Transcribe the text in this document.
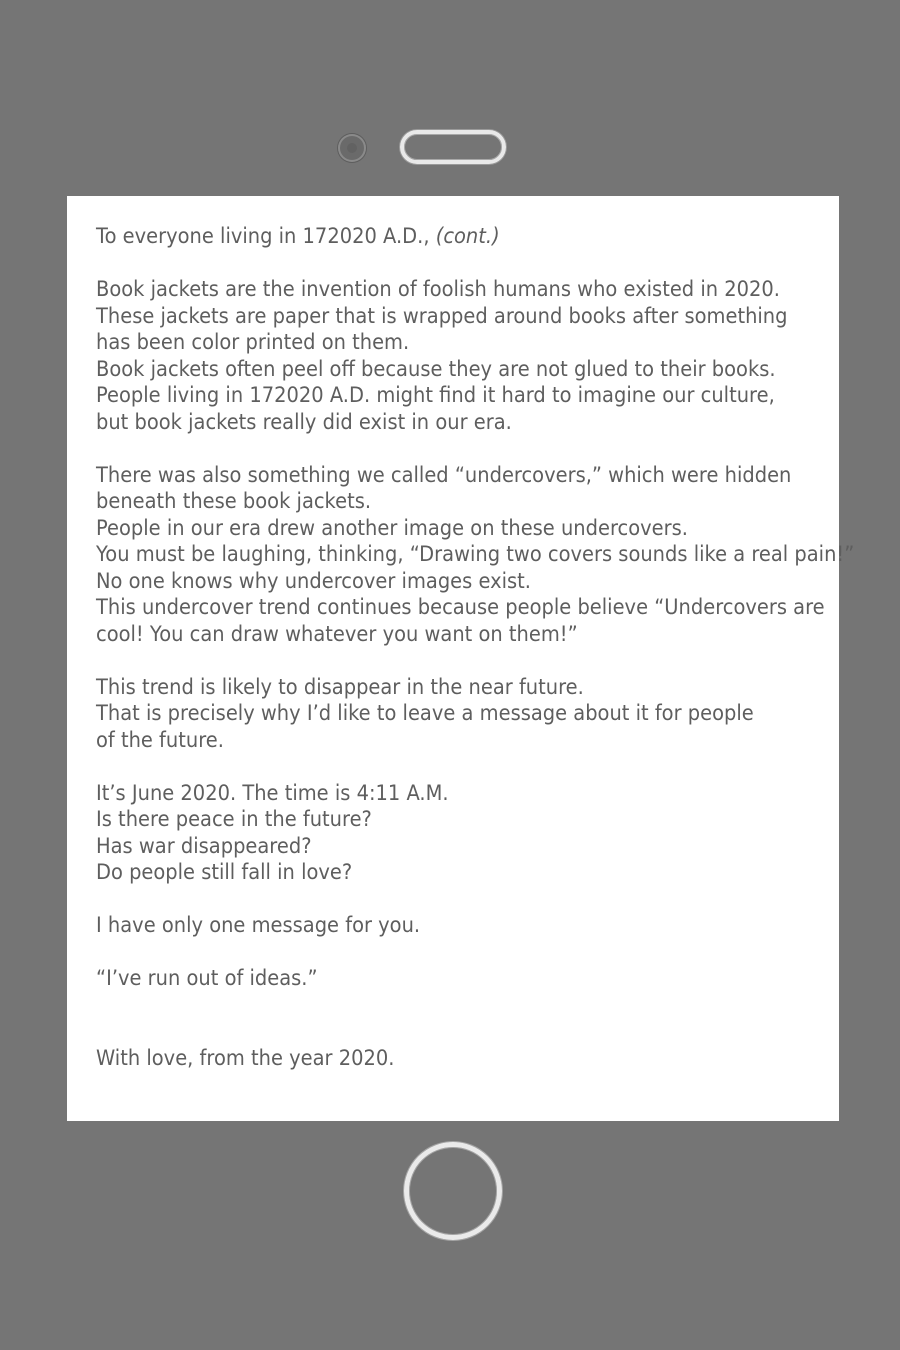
To everyone living in 172020 A.D., (cont.)
Book jackets are the invention of foolish humans who existed in 2020.
These jackets are paper that is wrapped around books after something
has been color printed on them.
Book jackets often peel off because they are not glued to their books.
People living in 172020 A.D. might find it hard to imagine our culture,
but book jackets really did exist in our era.
There was also something we called “undercovers,” which were hidden
beneath these book jackets.
People in our era drew another image on these undercovers.
You must be laughing, thinking, “Drawing two covers sounds like a real pain!”
No one knows why undercover images exist.
This undercover trend continues because people believe “Undercovers are
cool! You can draw whatever you want on them!”
This trend is likely to disappear in the near future.
That is precisely why I’d like to leave a message about it for people
of the future.
It’s June 2020. The time is 4:11 A.M.
Is there peace in the future?
Has war disappeared?
Do people still fall in love?
I have only one message for you.
“I’ve run out of ideas.”
With love, from the year 2020.
